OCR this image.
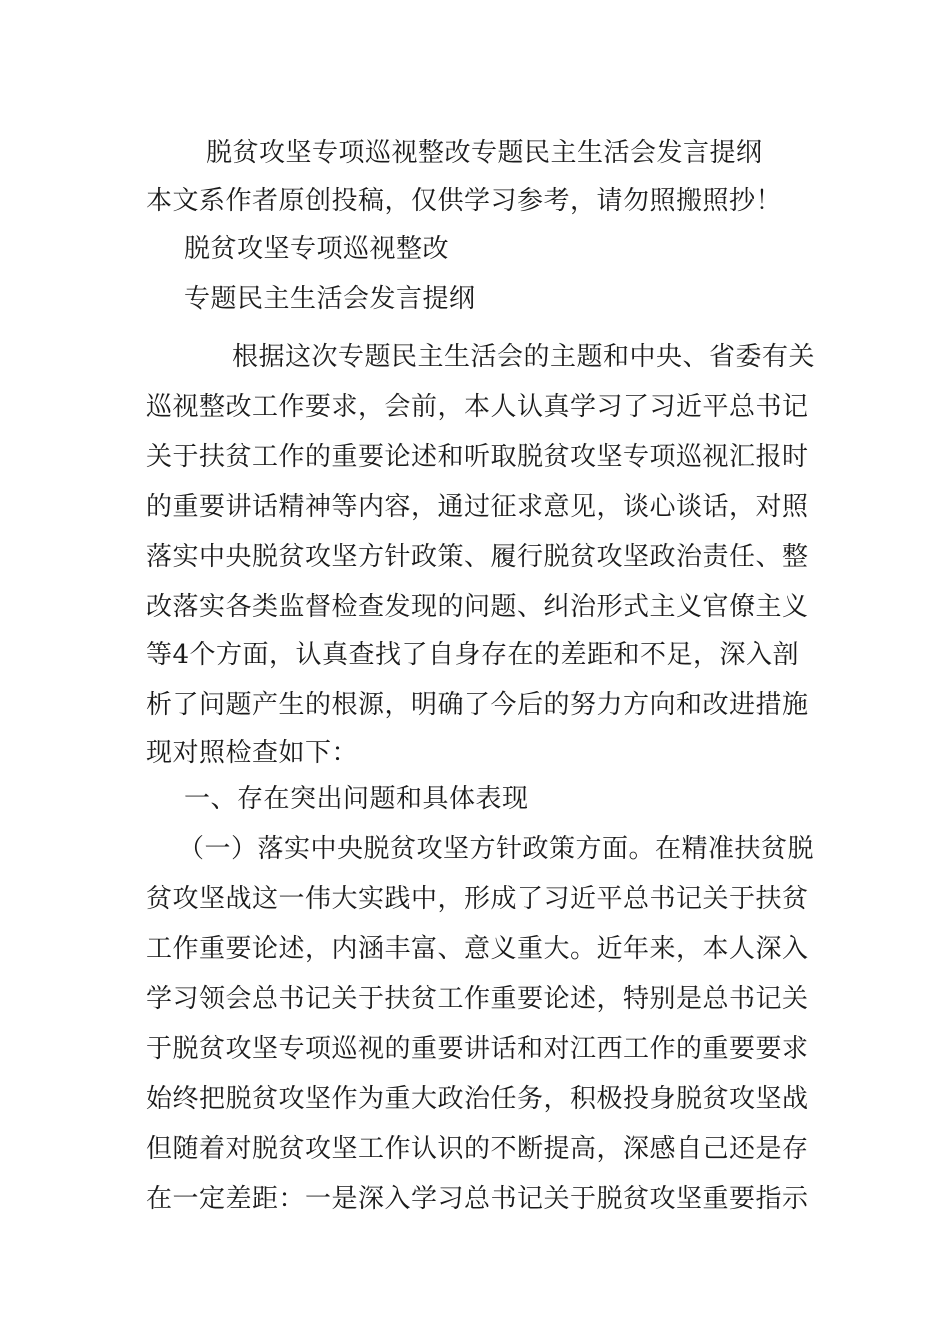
脱贫攻坚专项巡视整改专题民主生活会发言提纲
本文系作者原创投稿，仅供学习参考，请勿照搬照抄！
脱贫攻坚专项巡视整改
专题民主生活会发言提纲
根据这次专题民主生活会的主题和中央、省委有关
巡视整改工作要求，会前，本人认真学习了习近平总书记
关于扶贫工作的重要论述和听取脱贫攻坚专项巡视汇报时
的重要讲话精神等内容，通过征求意见，谈心谈话，对照
落实中央脱贫攻坚方针政策、履行脱贫攻坚政治责任、整
改落实各类监督检查发现的问题、纠治形式主义官僚主义
等4个方面，认真查找了自身存在的差距和不足，深入剖
析了问题产生的根源，明确了今后的努力方向和改进措施
现对照检查如下：
一、存在突出问题和具体表现
（一）落实中央脱贫攻坚方针政策方面。在精准扶贫脱
贫攻坚战这一伟大实践中，形成了习近平总书记关于扶贫
工作重要论述，内涵丰富、意义重大。近年来，本人深入
学习领会总书记关于扶贫工作重要论述，特别是总书记关
于脱贫攻坚专项巡视的重要讲话和对江西工作的重要要求
始终把脱贫攻坚作为重大政治任务，积极投身脱贫攻坚战
但随着对脱贫攻坚工作认识的不断提高，深感自己还是存
在一定差距：一是深入学习总书记关于脱贫攻坚重要指示
